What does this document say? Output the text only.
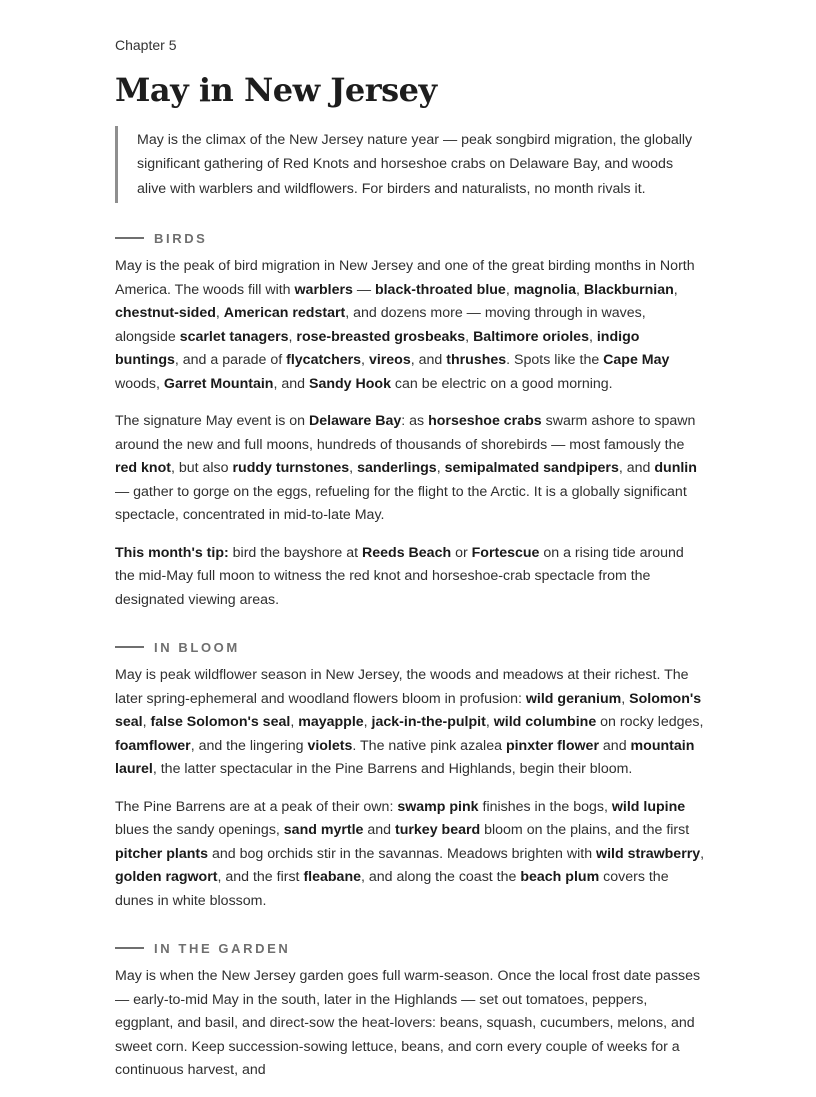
Chapter 5

May in New Jersey
May is the climax of the New Jersey nature year — peak songbird migration, the globally significant gathering of Red Knots and horseshoe crabs on Delaware Bay, and woods alive with warblers and wildflowers. For birders and naturalists, no month rivals it.
BIRDS

May is the peak of bird migration in New Jersey and one of the great birding months in North America. The woods fill with warblers — black-throated blue, magnolia, Blackburnian, chestnut-sided, American redstart, and dozens more — moving through in waves, alongside scarlet tanagers, rose-breasted grosbeaks, Baltimore orioles, indigo buntings, and a parade of flycatchers, vireos, and thrushes. Spots like the Cape May woods, Garret Mountain, and Sandy Hook can be electric on a good morning.

The signature May event is on Delaware Bay: as horseshoe crabs swarm ashore to spawn around the new and full moons, hundreds of thousands of shorebirds — most famously the red knot, but also ruddy turnstones, sanderlings, semipalmated sandpipers, and dunlin — gather to gorge on the eggs, refueling for the flight to the Arctic. It is a globally significant spectacle, concentrated in mid-to-late May.

This month's tip: bird the bayshore at Reeds Beach or Fortescue on a rising tide around the mid-May full moon to witness the red knot and horseshoe-crab spectacle from the designated viewing areas.

IN BLOOM

May is peak wildflower season in New Jersey, the woods and meadows at their richest. The later spring-ephemeral and woodland flowers bloom in profusion: wild geranium, Solomon's seal, false Solomon's seal, mayapple, jack-in-the-pulpit, wild columbine on rocky ledges, foamflower, and the lingering violets. The native pink azalea pinxter flower and mountain laurel, the latter spectacular in the Pine Barrens and Highlands, begin their bloom.

The Pine Barrens are at a peak of their own: swamp pink finishes in the bogs, wild lupine blues the sandy openings, sand myrtle and turkey beard bloom on the plains, and the first pitcher plants and bog orchids stir in the savannas. Meadows brighten with wild strawberry, golden ragwort, and the first fleabane, and along the coast the beach plum covers the dunes in white blossom.

IN THE GARDEN

May is when the New Jersey garden goes full warm-season. Once the local frost date passes — early-to-mid May in the south, later in the Highlands — set out tomatoes, peppers, eggplant, and basil, and direct-sow the heat-lovers: beans, squash, cucumbers, melons, and sweet corn. Keep succession-sowing lettuce, beans, and corn every couple of weeks for a continuous harvest, and
